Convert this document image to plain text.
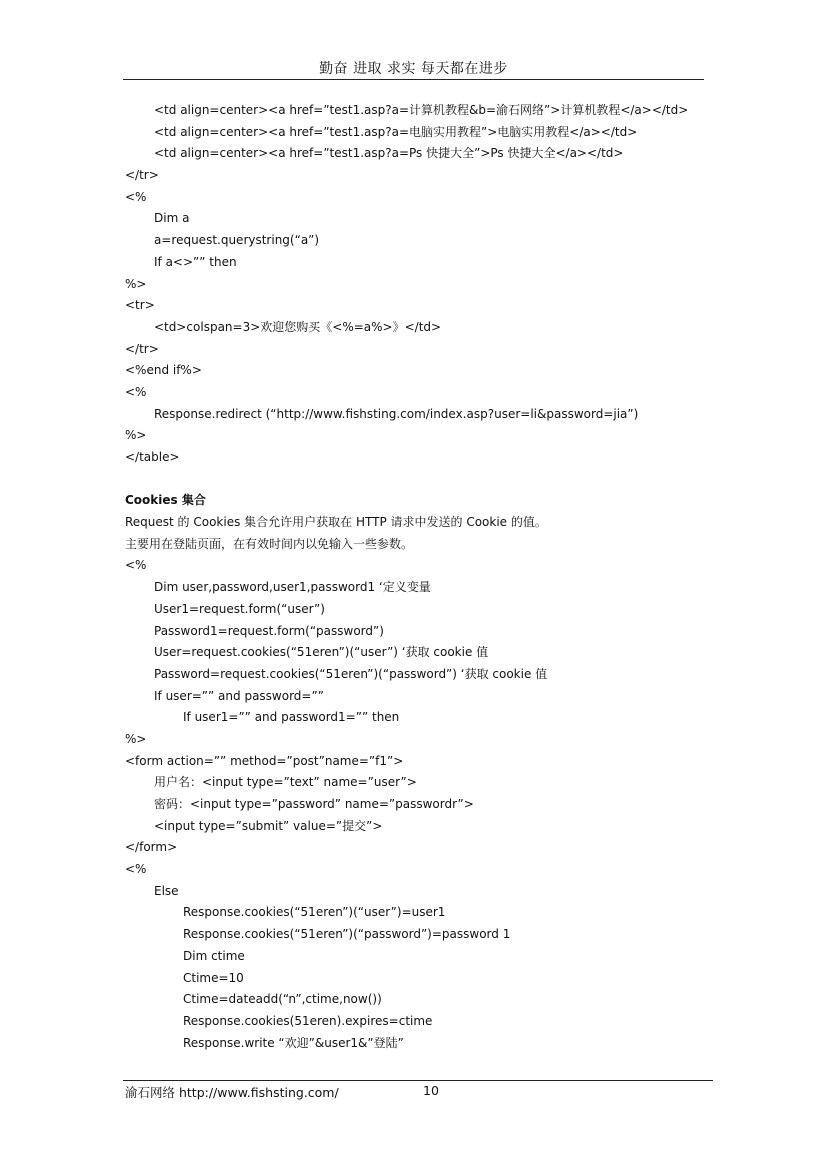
勤奋 进取 求实 每天都在进步
<td align=center><a href=”test1.asp?a=计算机教程&b=渝石网络”>计算机教程</a></td>
<td align=center><a href=”test1.asp?a=电脑实用教程”>电脑实用教程</a></td>
<td align=center><a href=”test1.asp?a=Ps 快捷大全”>Ps 快捷大全</a></td>
</tr>
<%
Dim a
a=request.querystring(“a”)
If a<>”” then
%>
<tr>
<td>colspan=3>欢迎您购买《<%=a%>》</td>
</tr>
<%end if%>
<%
Response.redirect (“http://www.fishsting.com/index.asp?user=li&password=jia”)
%>
</table>
Cookies 集合
Request 的 Cookies 集合允许用户获取在 HTTP 请求中发送的 Cookie 的值。
主要用在登陆页面，在有效时间内以免输入一些参数。
<%
Dim user,password,user1,password1 ‘定义变量
User1=request.form(“user”)
Password1=request.form(“password”)
User=request.cookies(“51eren”)(“user”) ‘获取 cookie 值
Password=request.cookies(“51eren”)(“password”) ‘获取 cookie 值
If user=”” and password=””
If user1=”” and password1=”” then
%>
<form action=”” method=”post”name=”f1”>
用户名：<input type=”text” name=”user”>
密码：<input type=”password” name=”passwordr”>
<input type=”submit” value=”提交”>
</form>
<%
Else
Response.cookies(“51eren”)(“user”)=user1
Response.cookies(“51eren”)(“password”)=password 1
Dim ctime
Ctime=10
Ctime=dateadd(“n”,ctime,now())
Response.cookies(51eren).expires=ctime
Response.write “欢迎”&user1&”登陆”
渝石网络 http://www.fishsting.com/	10
